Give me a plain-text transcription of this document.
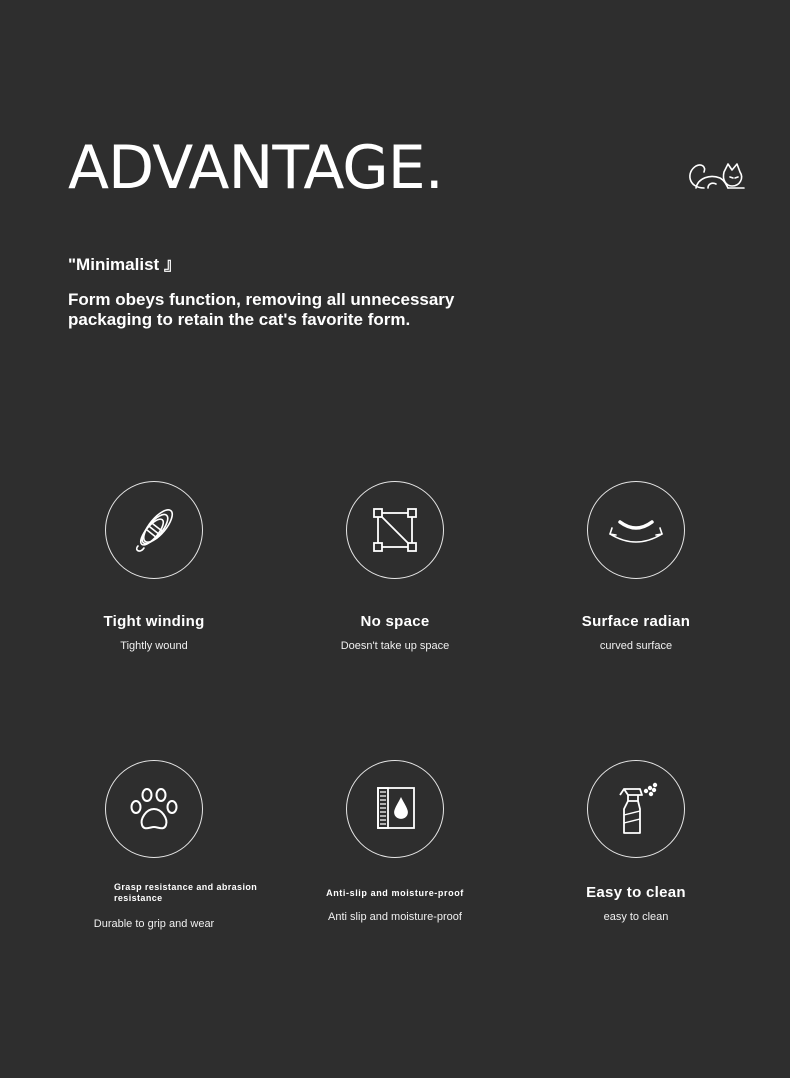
ADVANTAGE.

"Minimalist 』

Form obeys function, removing all unnecessary packaging to retain the cat's favorite form.

Tight winding
Tightly wound
No space
Doesn't take up space
Surface radian
curved surface
Grasp resistance and abrasion resistance
Durable to grip and wear
Anti-slip and moisture-proof
Anti slip and moisture-proof
Easy to clean
easy to clean
